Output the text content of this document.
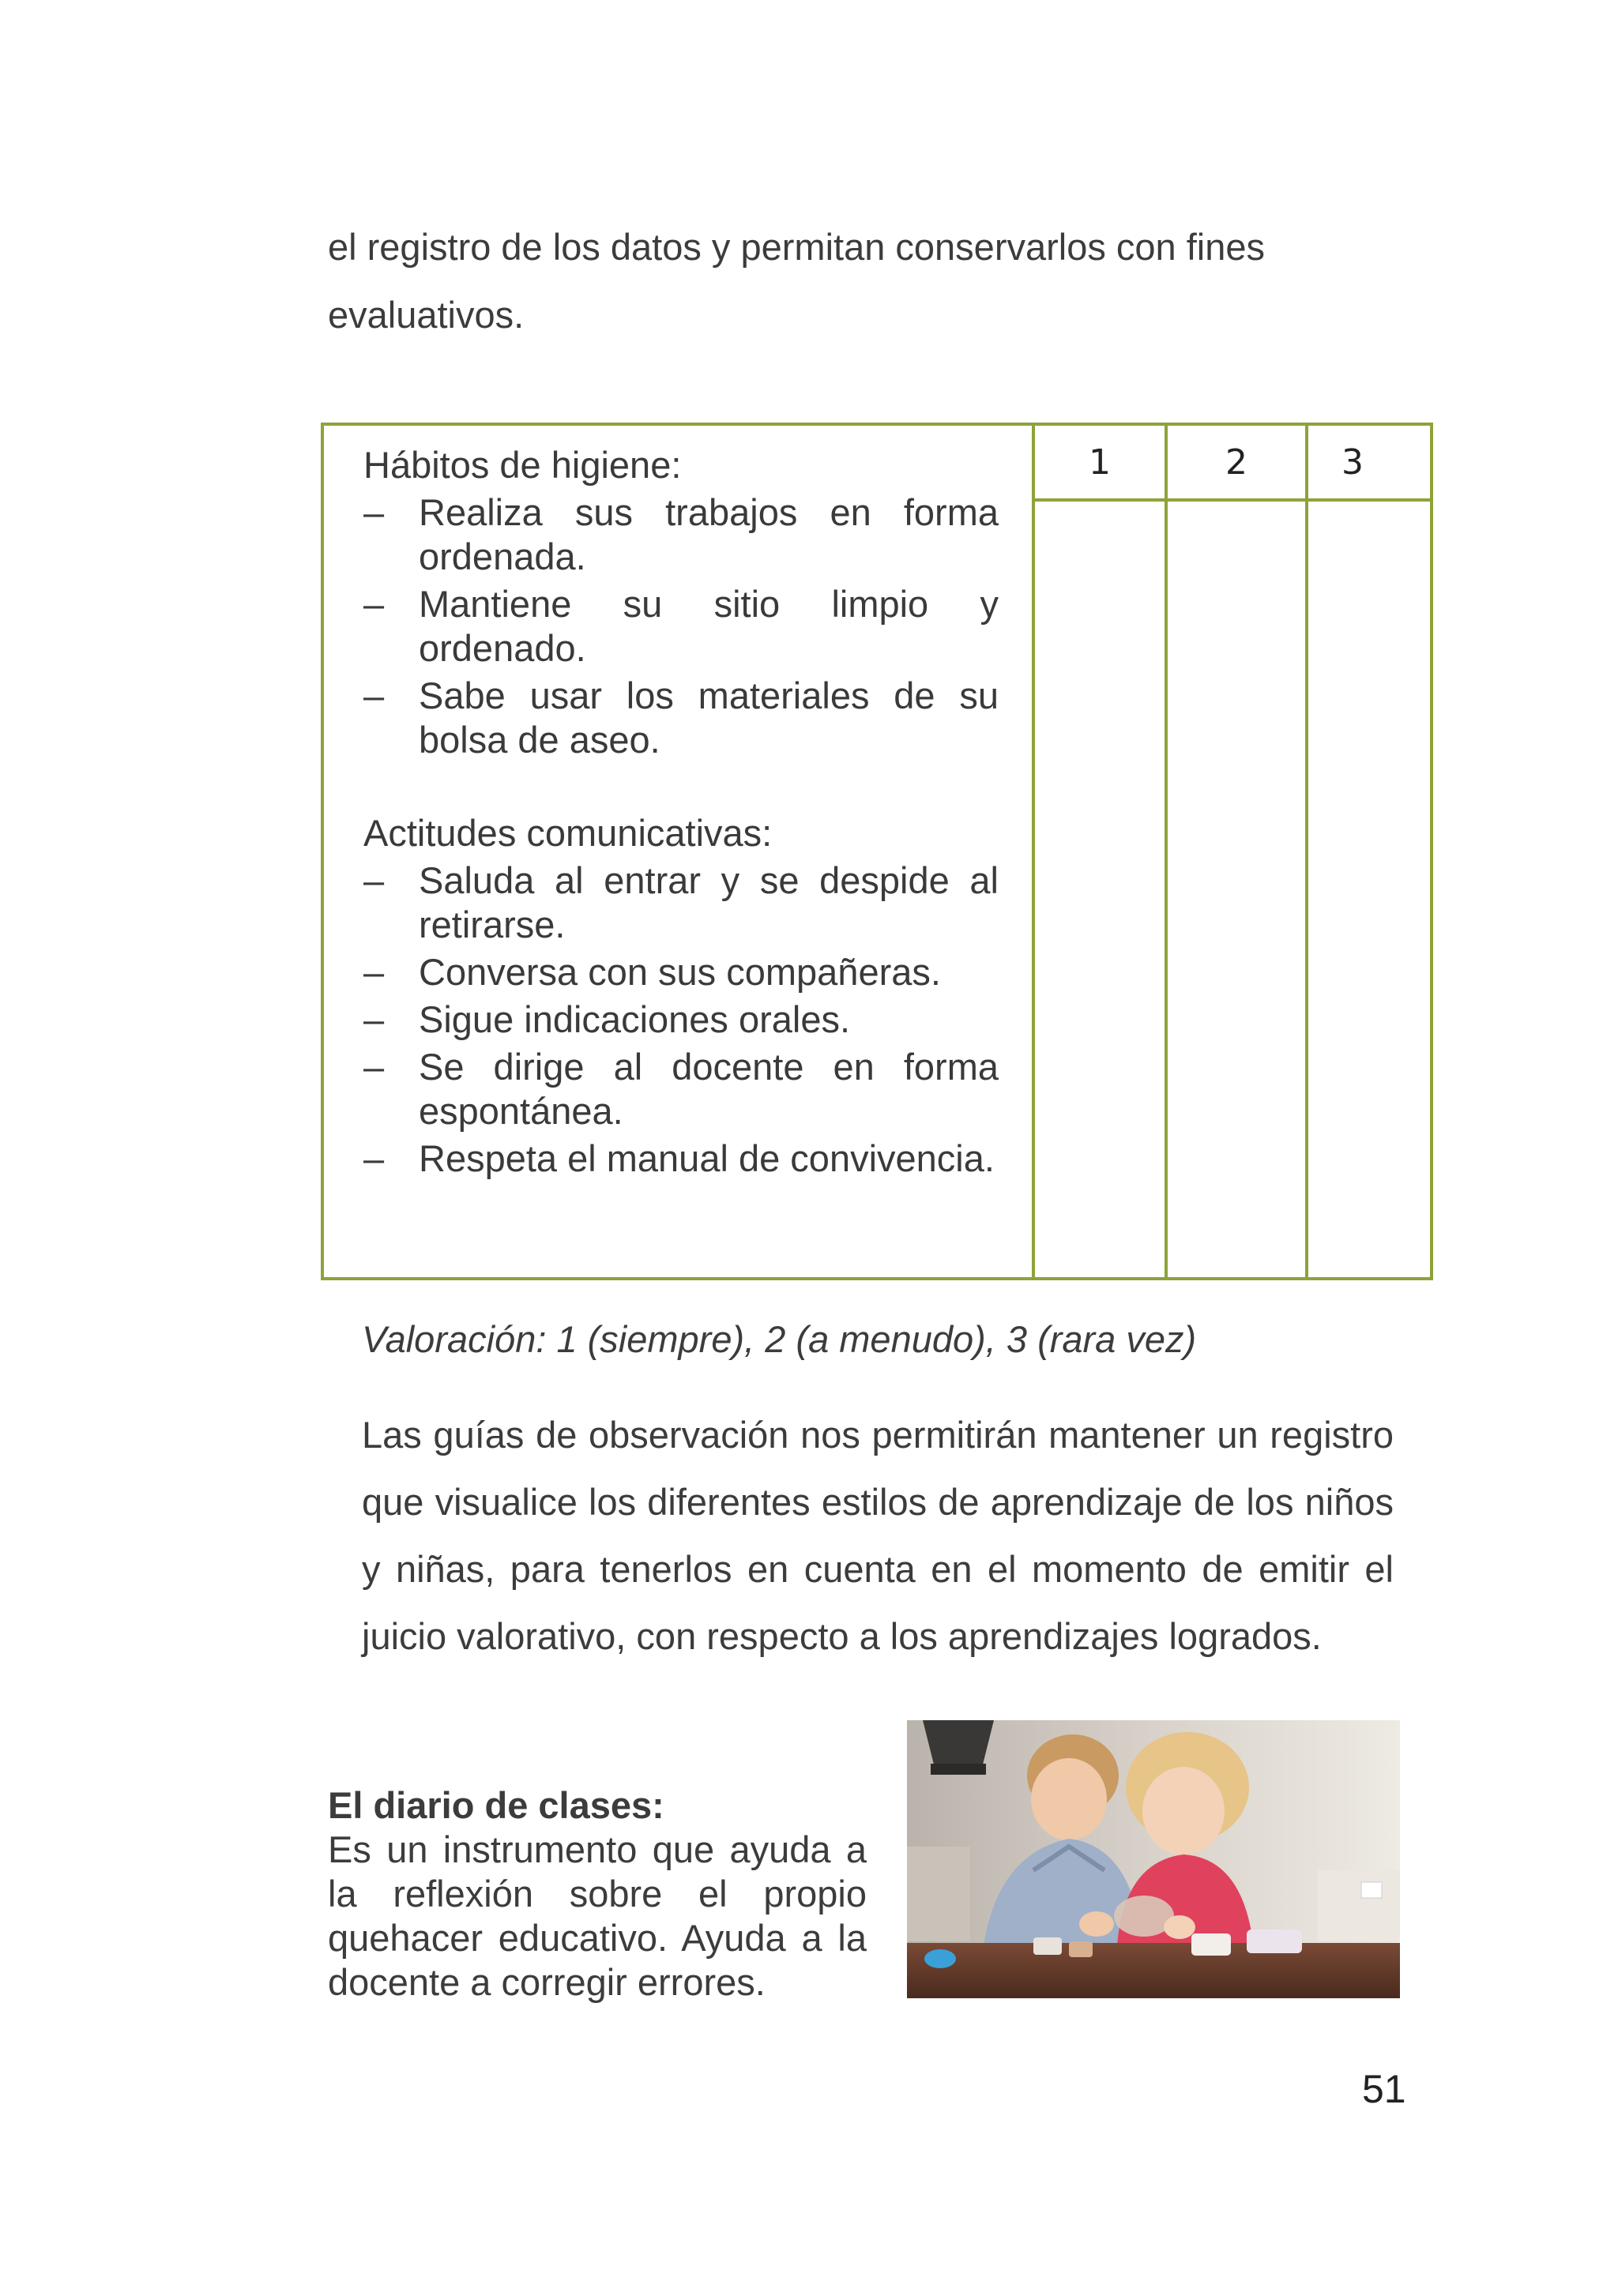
el registro de los datos y permitan conservarlos con fines

evaluativos.

Hábitos de higiene:

– Realiza sus trabajos en forma ordenada.
– Mantiene su sitio limpio y ordenado.
– Sabe usar los materiales de su bolsa de aseo.

Actitudes comunicativas:

– Saluda al entrar y se despide al retirarse.
– Conversa con sus compañeras.
– Sigue indicaciones orales.
– Se dirige al docente en forma espontánea.
– Respeta el manual de convivencia.
1	2	3
Valoración: 1 (siempre), 2 (a menudo), 3 (rara vez)

Las guías de observación nos permitirán mantener un registro que visualice los diferentes estilos de aprendizaje de los niños y niñas, para tenerlos en cuenta en el momento de emitir el juicio valorativo, con respecto a los aprendizajes logrados.

El diario de clases:
Es un instrumento que ayuda a la reflexión sobre el propio quehacer educativo. Ayuda a la docente a corregir errores.
51
